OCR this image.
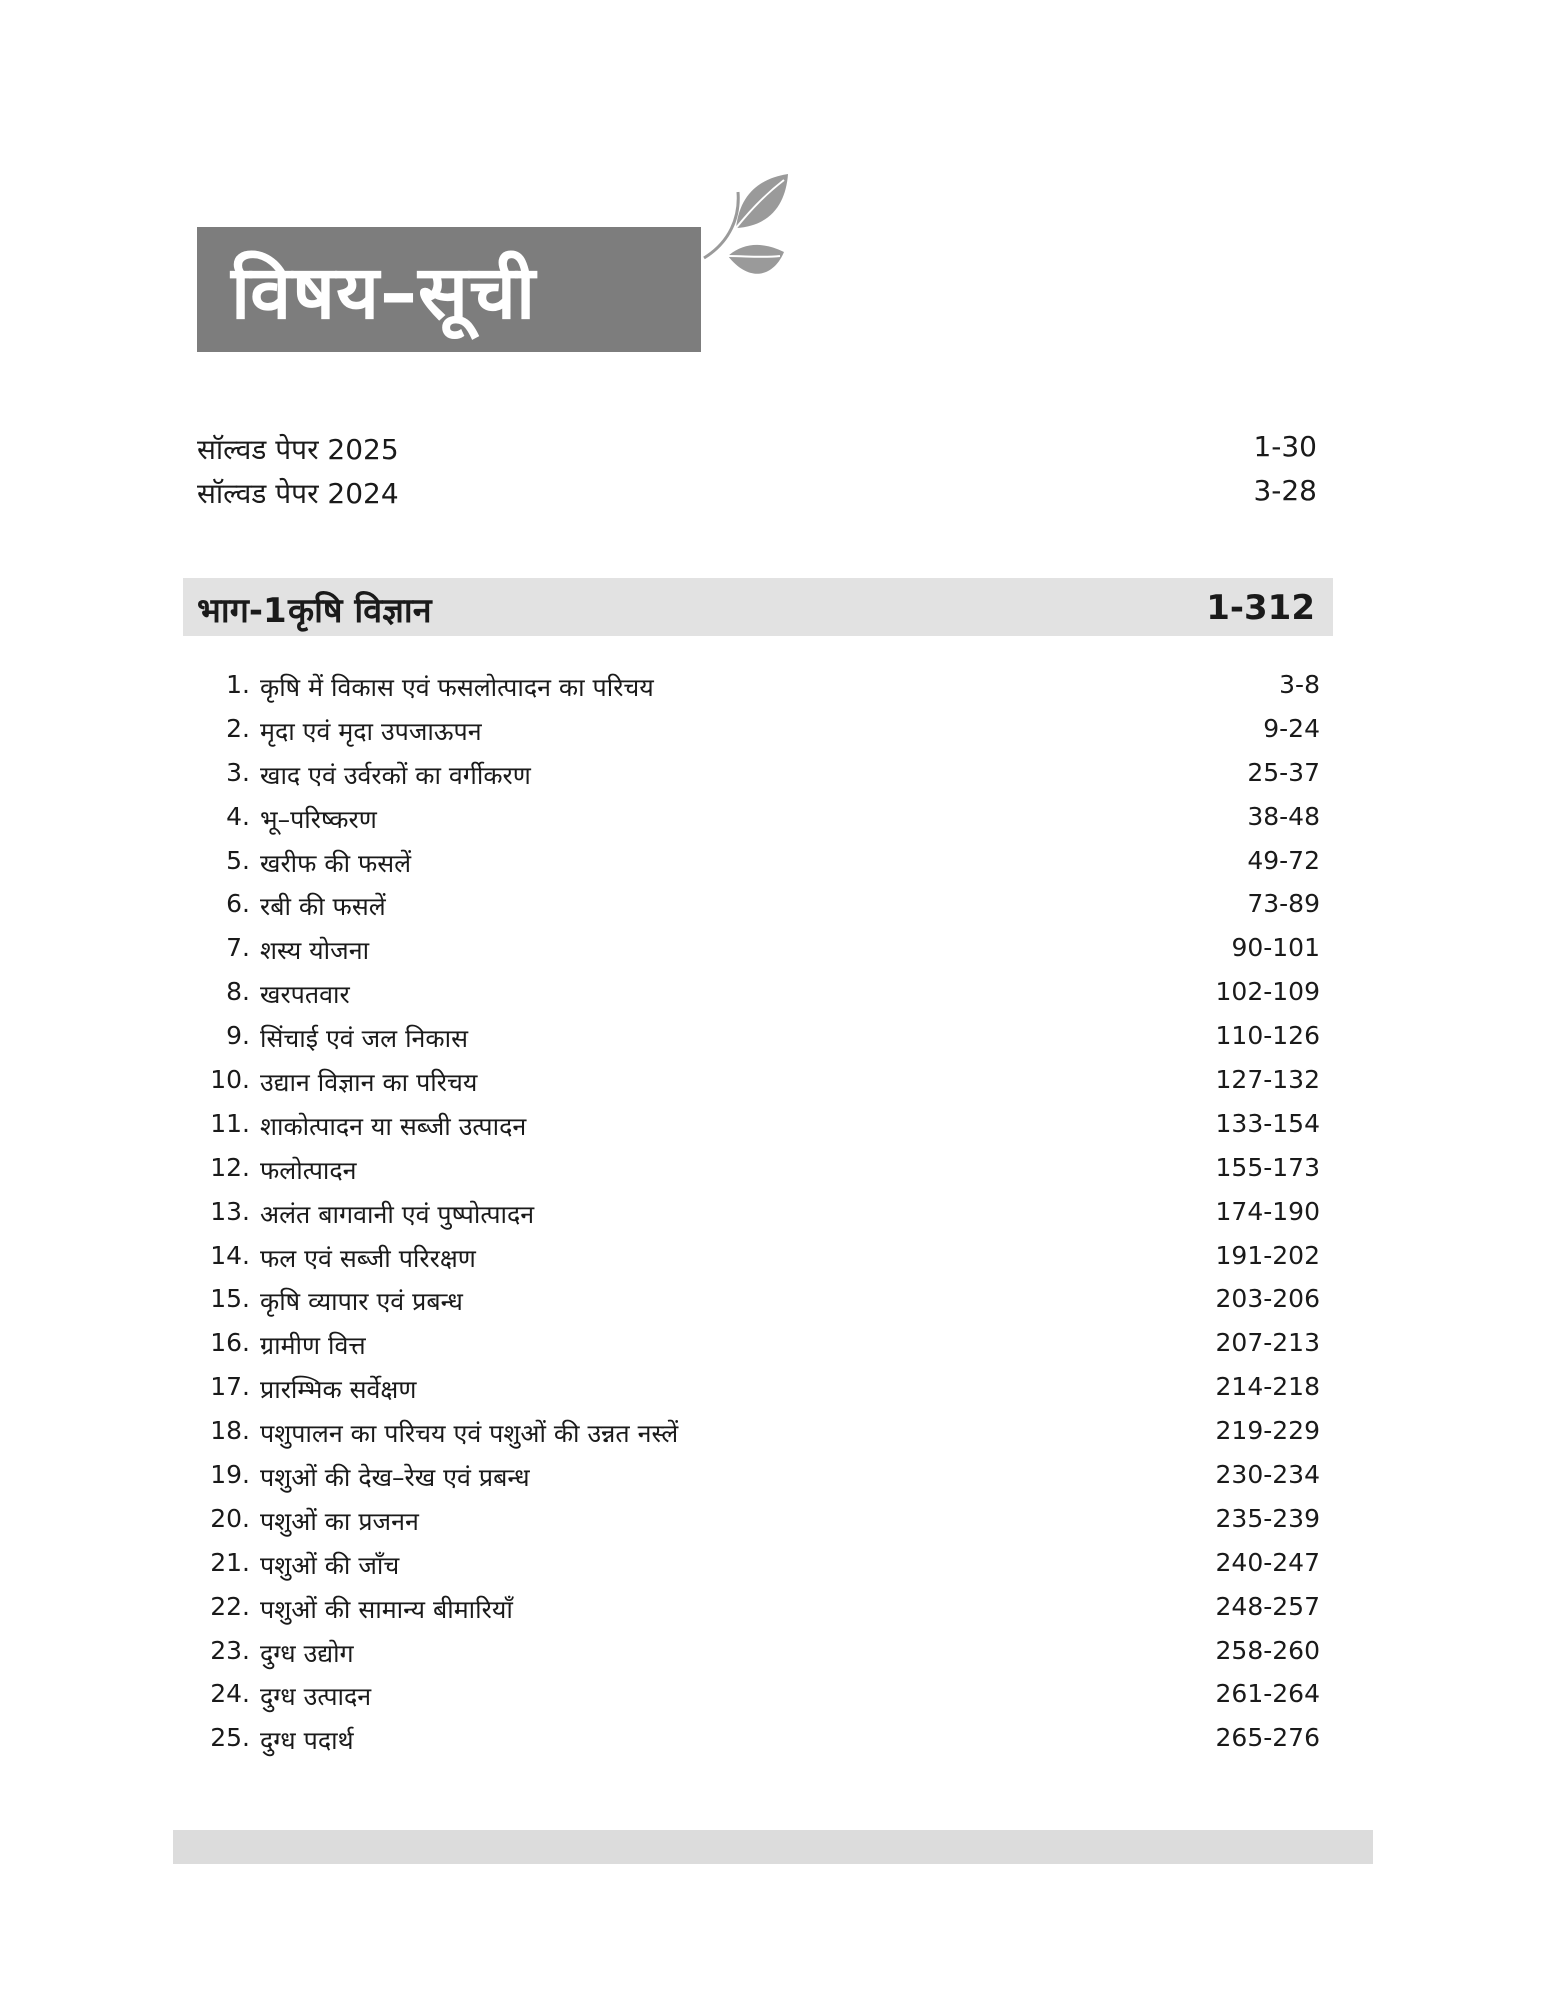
विषय–सूची
सॉल्वड पेपर 2025	1-30
सॉल्वड पेपर 2024	3-28
भाग-1 कृषि विज्ञान	1-312
1. कृषि में विकास एवं फसलोत्पादन का परिचय	3-8
2. मृदा एवं मृदा उपजाऊपन	9-24
3. खाद एवं उर्वरकों का वर्गीकरण	25-37
4. भू–परिष्करण	38-48
5. खरीफ की फसलें	49-72
6. रबी की फसलें	73-89
7. शस्य योजना	90-101
8. खरपतवार	102-109
9. सिंचाई एवं जल निकास	110-126
10. उद्यान विज्ञान का परिचय	127-132
11. शाकोत्पादन या सब्जी उत्पादन	133-154
12. फलोत्पादन	155-173
13. अलंत बागवानी एवं पुष्पोत्पादन	174-190
14. फल एवं सब्जी परिरक्षण	191-202
15. कृषि व्यापार एवं प्रबन्ध	203-206
16. ग्रामीण वित्त	207-213
17. प्रारम्भिक सर्वेक्षण	214-218
18. पशुपालन का परिचय एवं पशुओं की उन्नत नस्लें	219-229
19. पशुओं की देख–रेख एवं प्रबन्ध	230-234
20. पशुओं का प्रजनन	235-239
21. पशुओं की जाँच	240-247
22. पशुओं की सामान्य बीमारियाँ	248-257
23. दुग्ध उद्योग	258-260
24. दुग्ध उत्पादन	261-264
25. दुग्ध पदार्थ	265-276
